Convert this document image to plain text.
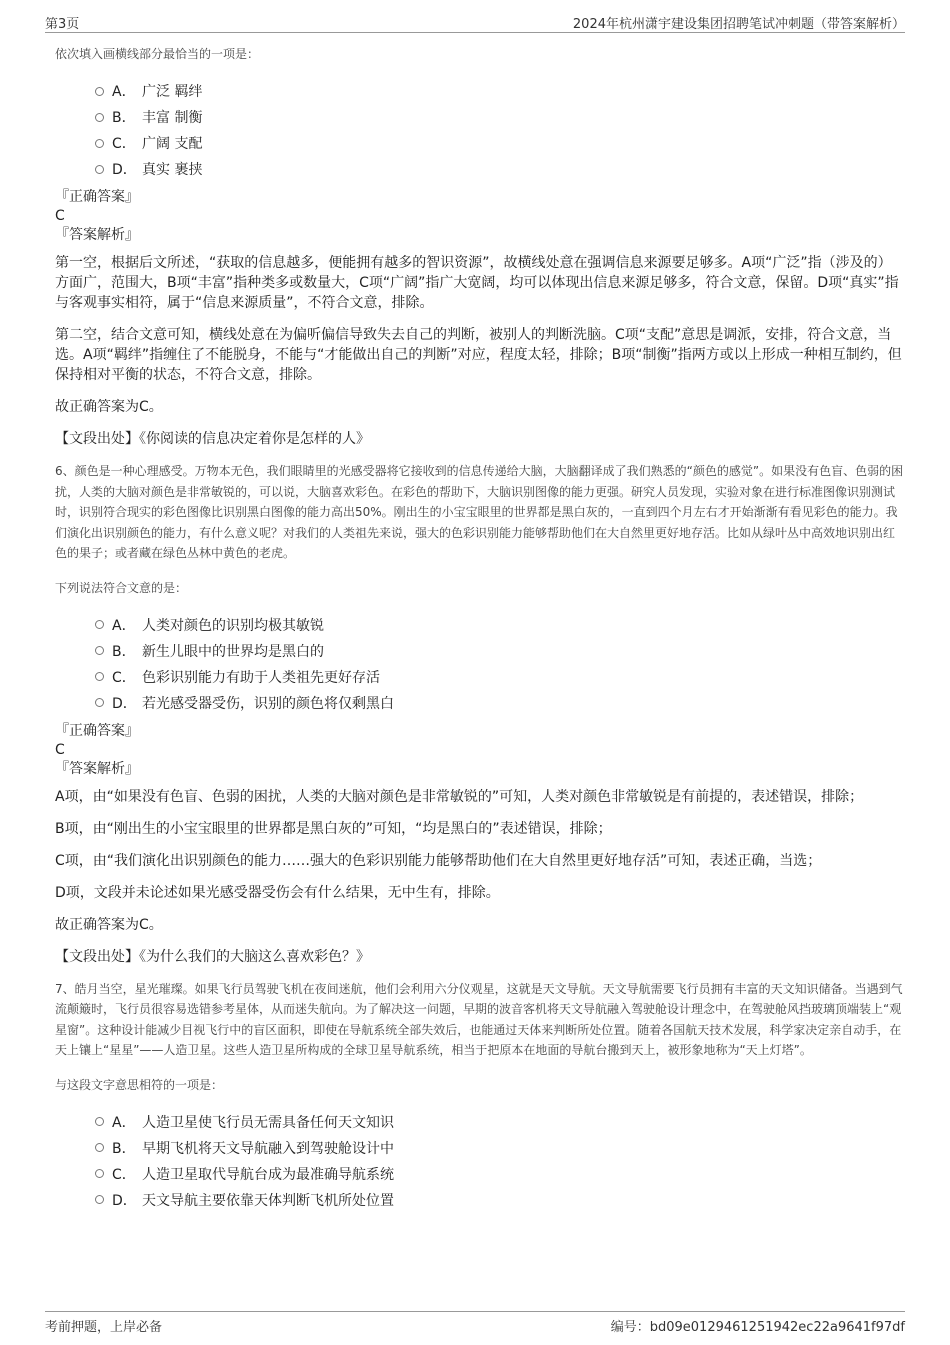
第3页	2024年杭州潇宇建设集团招聘笔试冲刺题（带答案解析）

依次填入画横线部分最恰当的一项是：

A． 广泛 羁绊
B． 丰富 制衡
C． 广阔 支配
D． 真实 裹挟

『正确答案』

C

『答案解析』

第一空，根据后文所述，“获取的信息越多，便能拥有越多的智识资源”，故横线处意在强调信息来源要足够多。A项“广泛”指（涉及的）方面广，范围大，B项“丰富”指种类多或数量大，C项“广阔”指广大宽阔，均可以体现出信息来源足够多，符合文意，保留。D项“真实”指与客观事实相符，属于“信息来源质量”，不符合文意，排除。

第二空，结合文意可知，横线处意在为偏听偏信导致失去自己的判断，被别人的判断洗脑。C项“支配”意思是调派，安排，符合文意，当选。A项“羁绊”指缠住了不能脱身，不能与“才能做出自己的判断”对应，程度太轻，排除；B项“制衡”指两方或以上形成一种相互制约，但保持相对平衡的状态，不符合文意，排除。

故正确答案为C。

【文段出处】《你阅读的信息决定着你是怎样的人》

6、颜色是一种心理感受。万物本无色，我们眼睛里的光感受器将它接收到的信息传递给大脑，大脑翻译成了我们熟悉的“颜色的感觉”。如果没有色盲、色弱的困扰，人类的大脑对颜色是非常敏锐的，可以说，大脑喜欢彩色。在彩色的帮助下，大脑识别图像的能力更强。研究人员发现，实验对象在进行标准图像识别测试时，识别符合现实的彩色图像比识别黑白图像的能力高出50%。刚出生的小宝宝眼里的世界都是黑白灰的，一直到四个月左右才开始渐渐有看见彩色的能力。我们演化出识别颜色的能力，有什么意义呢？对我们的人类祖先来说，强大的色彩识别能力能够帮助他们在大自然里更好地存活。比如从绿叶丛中高效地识别出红色的果子；或者藏在绿色丛林中黄色的老虎。

下列说法符合文意的是：

A． 人类对颜色的识别均极其敏锐
B． 新生儿眼中的世界均是黑白的
C． 色彩识别能力有助于人类祖先更好存活
D． 若光感受器受伤，识别的颜色将仅剩黑白

『正确答案』

C

『答案解析』

A项，由“如果没有色盲、色弱的困扰，人类的大脑对颜色是非常敏锐的”可知，人类对颜色非常敏锐是有前提的，表述错误，排除；

B项，由“刚出生的小宝宝眼里的世界都是黑白灰的”可知，“均是黑白的”表述错误，排除；

C项，由“我们演化出识别颜色的能力……强大的色彩识别能力能够帮助他们在大自然里更好地存活”可知，表述正确，当选；

D项，文段并未论述如果光感受器受伤会有什么结果，无中生有，排除。

故正确答案为C。

【文段出处】《为什么我们的大脑这么喜欢彩色？》

7、皓月当空，星光璀璨。如果飞行员驾驶飞机在夜间迷航，他们会利用六分仪观星，这就是天文导航。天文导航需要飞行员拥有丰富的天文知识储备。当遇到气流颠簸时，飞行员很容易选错参考星体，从而迷失航向。为了解决这一问题，早期的波音客机将天文导航融入驾驶舱设计理念中，在驾驶舱风挡玻璃顶端装上“观星窗”。这种设计能减少目视飞行中的盲区面积，即使在导航系统全部失效后，也能通过天体来判断所处位置。随着各国航天技术发展，科学家决定亲自动手，在天上镶上“星星”——人造卫星。这些人造卫星所构成的全球卫星导航系统，相当于把原本在地面的导航台搬到天上，被形象地称为“天上灯塔”。

与这段文字意思相符的一项是：

A． 人造卫星使飞行员无需具备任何天文知识
B． 早期飞机将天文导航融入到驾驶舱设计中
C． 人造卫星取代导航台成为最准确导航系统
D． 天文导航主要依靠天体判断飞机所处位置
考前押题，上岸必备	编号：bd09e0129461251942ec22a9641f97df
